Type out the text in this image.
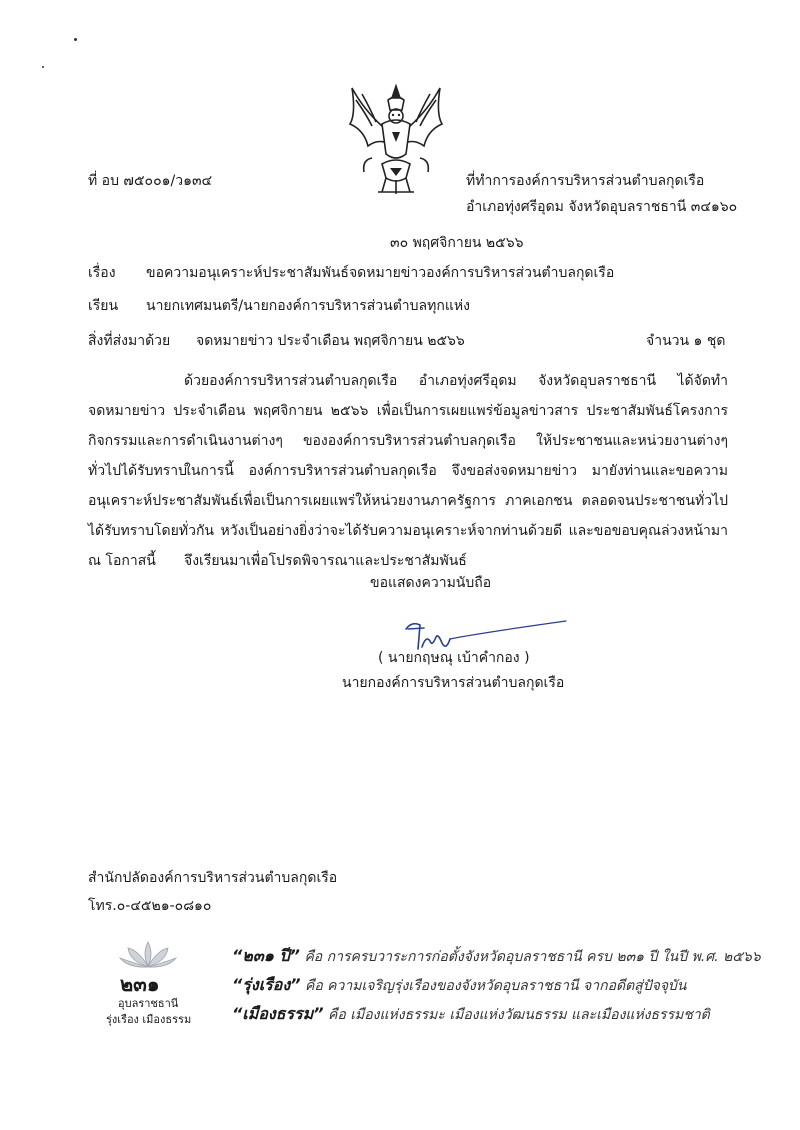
ที่ อบ ๗๕๐๐๑/ว๑๓๔	ที่ทำการองค์การบริหารส่วนตำบลกุดเรือ
อำเภอทุ่งศรีอุดม จังหวัดอุบลราชธานี ๓๔๑๖๐
๓๐ พฤศจิกายน ๒๕๖๖
เรื่อง ขอความอนุเคราะห์ประชาสัมพันธ์จดหมายข่าวองค์การบริหารส่วนตำบลกุดเรือ
เรียน นายกเทศมนตรี/นายกองค์การบริหารส่วนตำบลทุกแห่ง
สิ่งที่ส่งมาด้วย จดหมายข่าว ประจำเดือน พฤศจิกายน ๒๕๖๖	จำนวน ๑ ชุด
ด้วยองค์การบริหารส่วนตำบลกุดเรือ อำเภอทุ่งศรีอุดม จังหวัดอุบลราชธานี ได้จัดทำจดหมายข่าว ประจำเดือน พฤศจิกายน ๒๕๖๖ เพื่อเป็นการเผยแพร่ข้อมูลข่าวสาร ประชาสัมพันธ์โครงการ กิจกรรมและการดำเนินงานต่างๆ ขององค์การบริหารส่วนตำบลกุดเรือ ให้ประชาชนและหน่วยงานต่างๆ ทั่วไปได้รับทราบ
ในการนี้ องค์การบริหารส่วนตำบลกุดเรือ จึงขอส่งจดหมายข่าว มายังท่านและขอความอนุเคราะห์ประชาสัมพันธ์เพื่อเป็นการเผยแพร่ให้หน่วยงานภาครัฐการ ภาคเอกชน ตลอดจนประชาชนทั่วไปได้รับทราบโดยทั่วกัน หวังเป็นอย่างยิ่งว่าจะได้รับความอนุเคราะห์จากท่านด้วยดี และขอขอบคุณล่วงหน้ามา ณ โอกาสนี้	จึงเรียนมาเพื่อโปรดพิจารณาและประชาสัมพันธ์
ขอแสดงความนับถือ
( นายกฤษณุ เบ้าคำกอง )
นายกองค์การบริหารส่วนตำบลกุดเรือ
สำนักปลัดองค์การบริหารส่วนตำบลกุดเรือ
โทร.๐-๔๕๒๑-๐๘๑๐
๒๓๑
อุบลราชธานี
รุ่งเรือง เมืองธรรม
“๒๓๑ ปี” คือ การครบวาระการก่อตั้งจังหวัดอุบลราชธานี ครบ ๒๓๑ ปี ในปี พ.ศ. ๒๕๖๖
“รุ่งเรือง” คือ ความเจริญรุ่งเรืองของจังหวัดอุบลราชธานี จากอดีตสู่ปัจจุบัน
“เมืองธรรม” คือ เมืองแห่งธรรมะ เมืองแห่งวัฒนธรรม และเมืองแห่งธรรมชาติ
